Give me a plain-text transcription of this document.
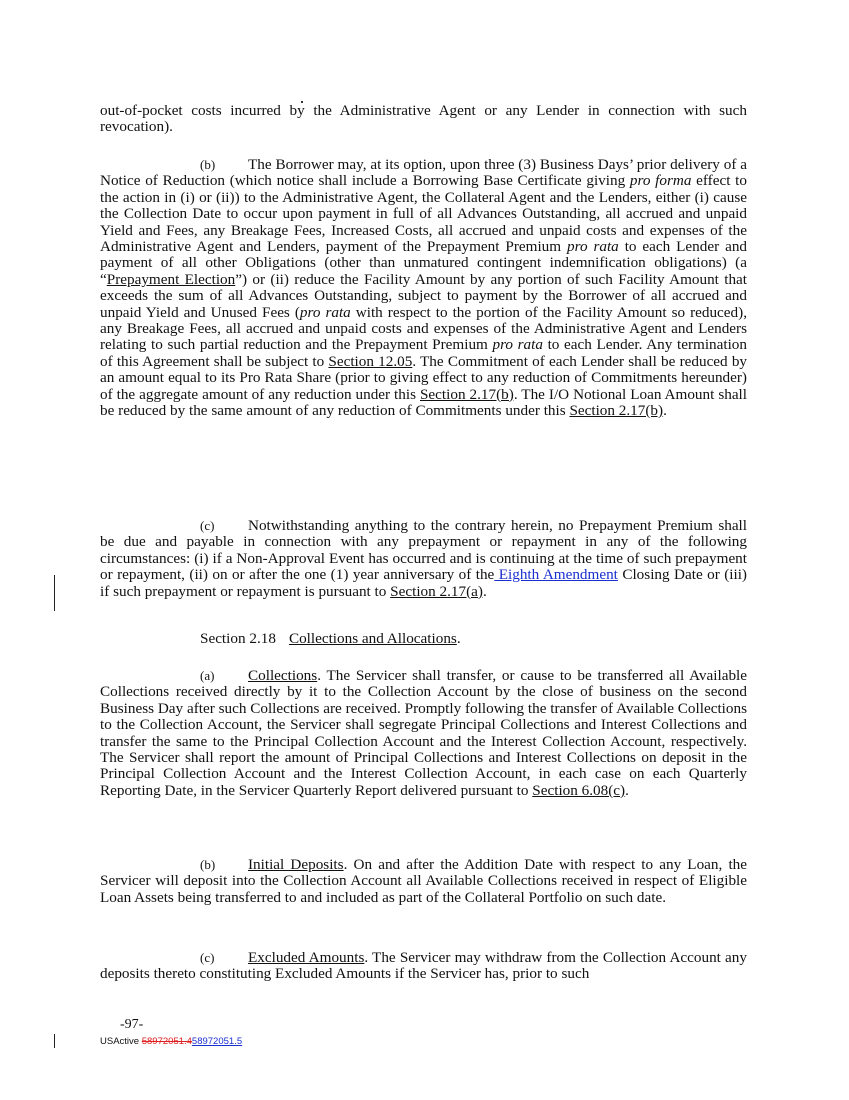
out-of-pocket costs incurred by the Administrative Agent or any Lender in connection with such revocation).

(b) The Borrower may, at its option, upon three (3) Business Days’ prior delivery of a Notice of Reduction (which notice shall include a Borrowing Base Certificate giving pro forma effect to the action in (i) or (ii)) to the Administrative Agent, the Collateral Agent and the Lenders, either (i) cause the Collection Date to occur upon payment in full of all Advances Outstanding, all accrued and unpaid Yield and Fees, any Breakage Fees, Increased Costs, all accrued and unpaid costs and expenses of the Administrative Agent and Lenders, payment of the Prepayment Premium pro rata to each Lender and payment of all other Obligations (other than unmatured contingent indemnification obligations) (a “Prepayment Election”) or (ii) reduce the Facility Amount by any portion of such Facility Amount that exceeds the sum of all Advances Outstanding, subject to payment by the Borrower of all accrued and unpaid Yield and Unused Fees (pro rata with respect to the portion of the Facility Amount so reduced), any Breakage Fees, all accrued and unpaid costs and expenses of the Administrative Agent and Lenders relating to such partial reduction and the Prepayment Premium pro rata to each Lender. Any termination of this Agreement shall be subject to Section 12.05. The Commitment of each Lender shall be reduced by an amount equal to its Pro Rata Share (prior to giving effect to any reduction of Commitments hereunder) of the aggregate amount of any reduction under this Section 2.17(b). The I/O Notional Loan Amount shall be reduced by the same amount of any reduction of Commitments under this Section 2.17(b).

(c) Notwithstanding anything to the contrary herein, no Prepayment Premium shall be due and payable in connection with any prepayment or repayment in any of the following circumstances: (i) if a Non-Approval Event has occurred and is continuing at the time of such prepayment or repayment, (ii) on or after the one (1) year anniversary of the Eighth Amendment Closing Date or (iii) if such prepayment or repayment is pursuant to Section 2.17(a).

Section 2.18 Collections and Allocations.

(a) Collections. The Servicer shall transfer, or cause to be transferred all Available Collections received directly by it to the Collection Account by the close of business on the second Business Day after such Collections are received. Promptly following the transfer of Available Collections to the Collection Account, the Servicer shall segregate Principal Collections and Interest Collections and transfer the same to the Principal Collection Account and the Interest Collection Account, respectively. The Servicer shall report the amount of Principal Collections and Interest Collections on deposit in the Principal Collection Account and the Interest Collection Account, in each case on each Quarterly Reporting Date, in the Servicer Quarterly Report delivered pursuant to Section 6.08(c).

(b) Initial Deposits. On and after the Addition Date with respect to any Loan, the Servicer will deposit into the Collection Account all Available Collections received in respect of Eligible Loan Assets being transferred to and included as part of the Collateral Portfolio on such date.

(c) Excluded Amounts. The Servicer may withdraw from the Collection Account any deposits thereto constituting Excluded Amounts if the Servicer has, prior to such

-97-
USActive 58972051.458972051.5
